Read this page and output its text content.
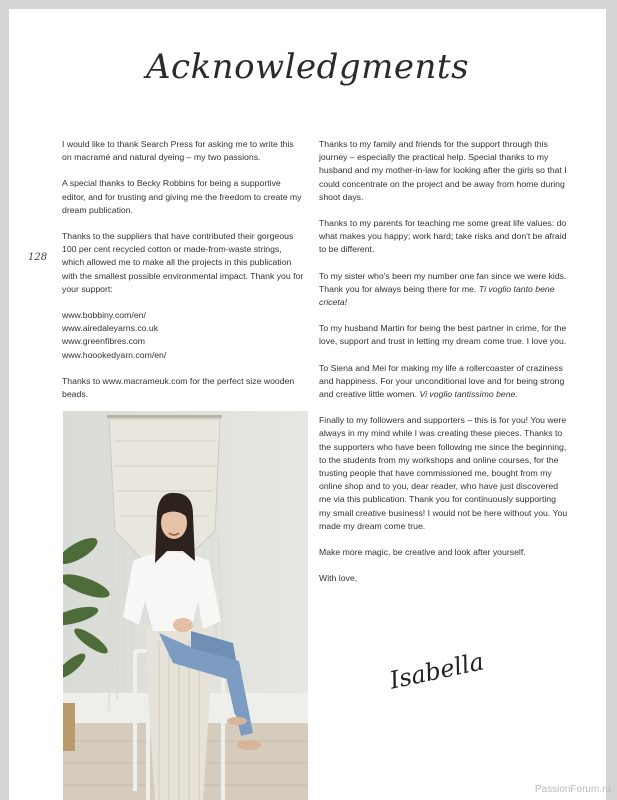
Acknowledgments
128

I would like to thank Search Press for asking me to write this on macramé and natural dyeing – my two passions.

A special thanks to Becky Robbins for being a supportive editor, and for trusting and giving me the freedom to create my dream publication.

Thanks to the suppliers that have contributed their gorgeous 100 per cent recycled cotton or made-from-waste strings, which allowed me to make all the projects in this publication with the smallest possible environmental impact. Thank you for your support:

www.bobbiny.com/en/
www.airedaleyarns.co.uk
www.greenfibres.com
www.hoookedyarn.com/en/

Thanks to www.macrameuk.com for the perfect size wooden beads.

Thanks to my family and friends for the support through this journey – especially the practical help. Special thanks to my husband and my mother-in-law for looking after the girls so that I could concentrate on the project and be away from home during shoot days.

Thanks to my parents for teaching me some great life values: do what makes you happy; work hard; take risks and don't be afraid to be different.

To my sister who's been my number one fan since we were kids. Thank you for always being there for me. Ti voglio tanto bene criceta!

To my husband Martin for being the best partner in crime, for the love, support and trust in letting my dream come true. I love you.

To Siena and Mei for making my life a rollercoaster of craziness and happiness. For your unconditional love and for being strong and creative little women. Vi voglio tantissimo bene.

Finally to my followers and supporters – this is for you! You were always in my mind while I was creating these pieces. Thanks to the supporters who have been following me since the beginning, to the students from my workshops and online courses, for the trusting people that have commissioned me, bought from my online shop and to you, dear reader, who have just discovered me via this publication. Thank you for continuously supporting my small creative business! I would not be here without you. You made my dream come true.

Make more magic, be creative and look after yourself.

With love,

Isabella
PassionForum.ru
